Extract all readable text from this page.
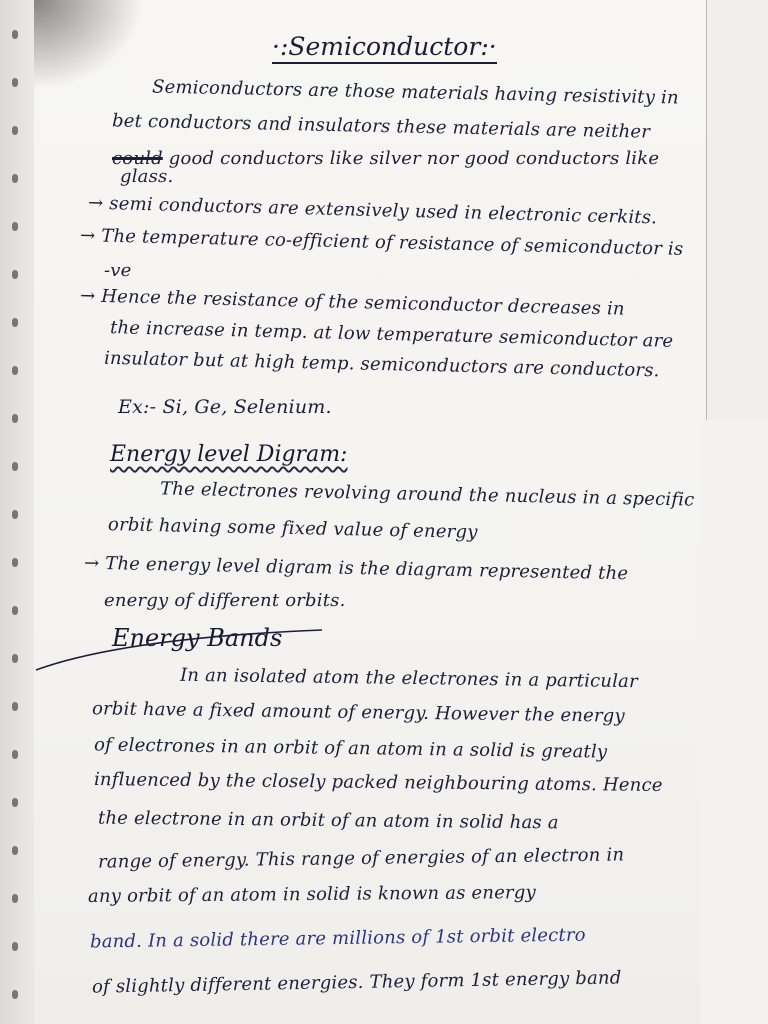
·:Semiconductor:·
Semiconductors are those materials having resistivity in
bet conductors and insulators these materials are neither
could good conductors like silver nor good conductors like
glass.
→ semi conductors are extensively used in electronic cerkits.
→ The temperature co-efficient of resistance of semiconductor is
-ve
→ Hence the resistance of the semiconductor decreases in
the increase in temp. at low temperature semiconductor are
insulator but at high temp. semiconductors are conductors.
Ex:- Si, Ge, Selenium.
Energy level Digram:
The electrones revolving around the nucleus in a specific
orbit having some fixed value of energy
→ The energy level digram is the diagram represented the
energy of different orbits.
Energy Bands
In an isolated atom the electrones in a particular
orbit have a fixed amount of energy. However the energy
of electrones in an orbit of an atom in a solid is greatly
influenced by the closely packed neighbouring atoms. Hence
the electrone in an orbit of an atom in solid has a
range of energy. This range of energies of an electron in
any orbit of an atom in solid is known as energy
band. In a solid there are millions of 1st orbit electro
of slightly different energies. They form 1st energy band
